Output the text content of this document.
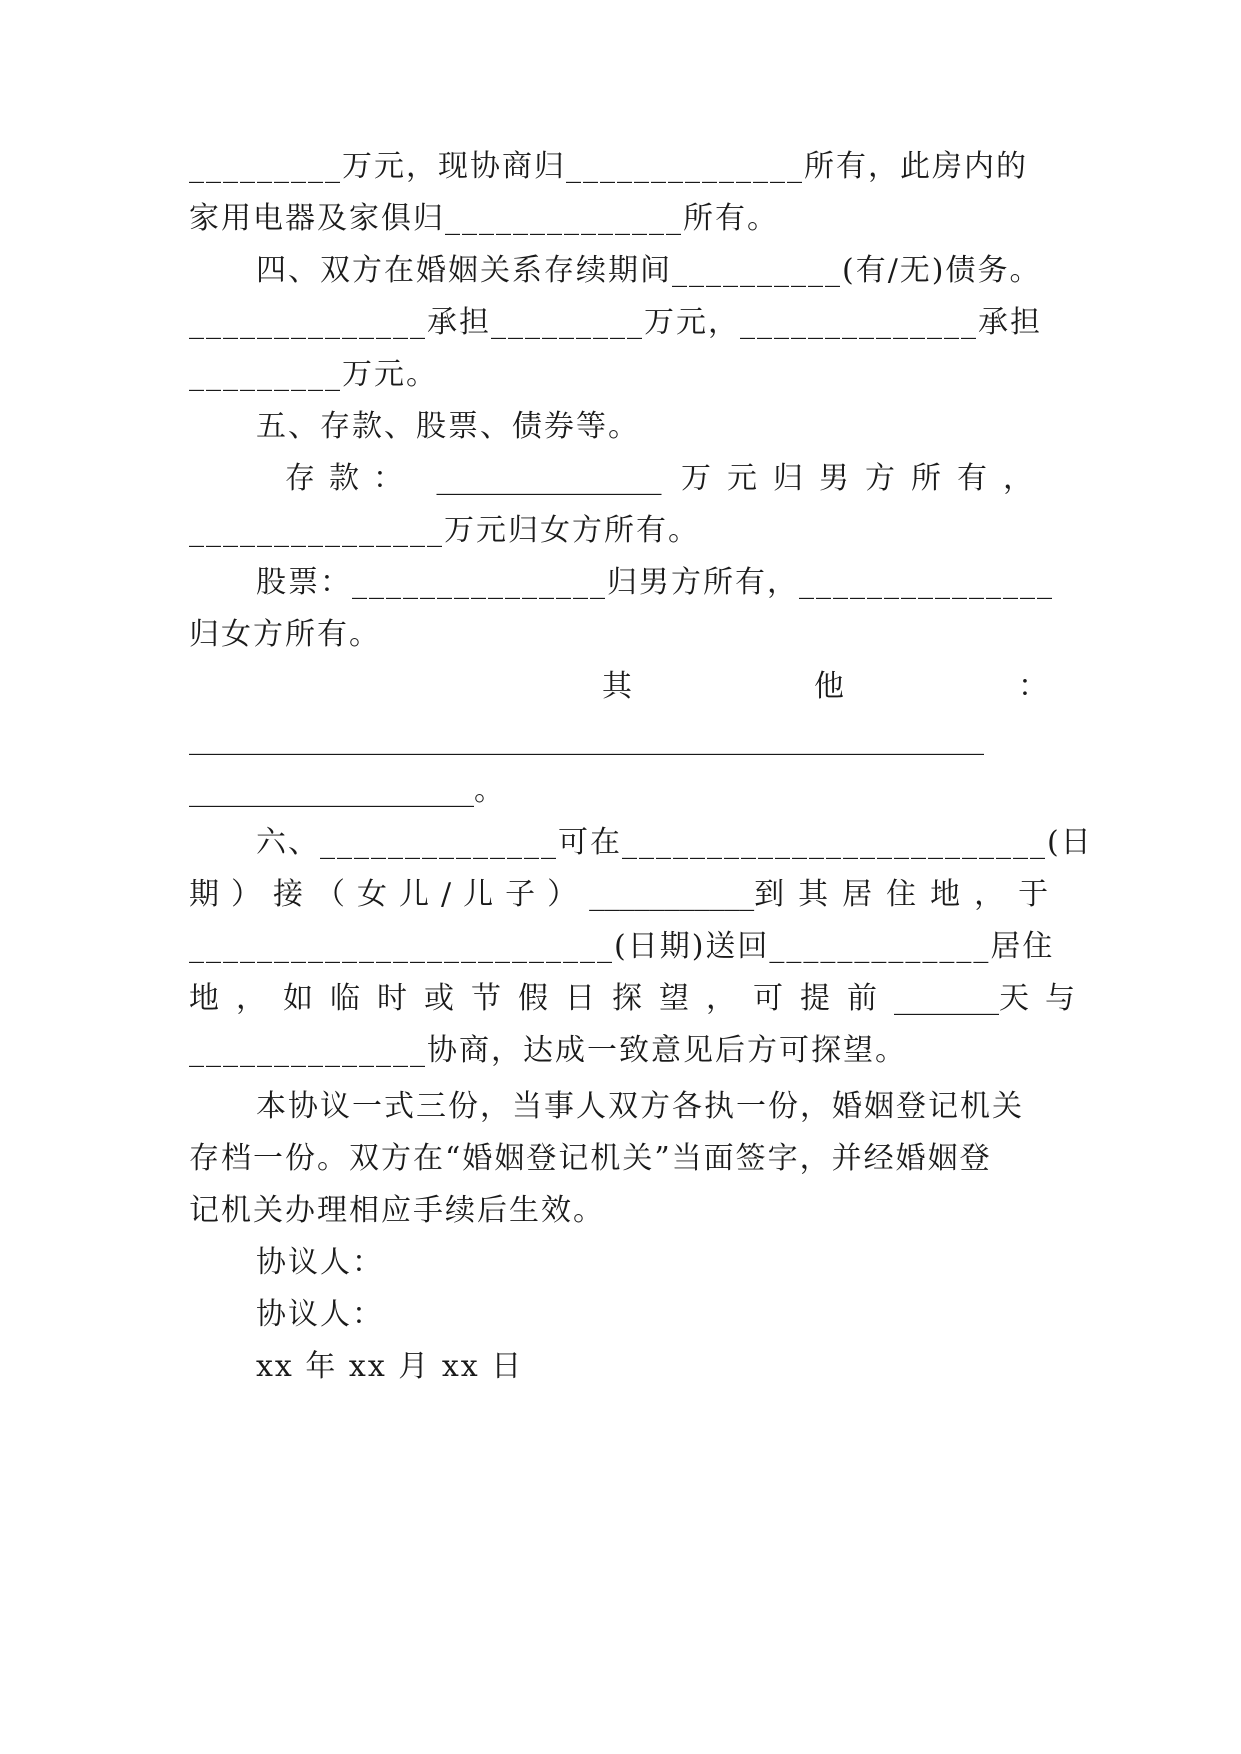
_________万元，现协商归______________所有，此房内的
家用电器及家俱归______________所有。
四、双方在婚姻关系存续期间__________(有/无)债务。
______________承担_________万元，______________承担
_________万元。
五、存款、股票、债券等。
存款： _______________ 万元归男方所有，
_______________万元归女方所有。
股票：_______________归男方所有，_______________
归女方所有。

其

	他

	：

_____________________________________________________
___________________。
六、______________可在_________________________(日
期）接（女儿/儿子） ___________ 到其居住地，于
_________________________(日期)送回_____________居住
地，如临时或节假日探望，可提前 _______ 天与
______________协商，达成一致意见后方可探望。
本协议一式三份，当事人双方各执一份，婚姻登记机关
存档一份。双方在“婚姻登记机关”当面签字，并经婚姻登
记机关办理相应手续后生效。
协议人：
协议人：
xx 年 xx 月 xx 日
